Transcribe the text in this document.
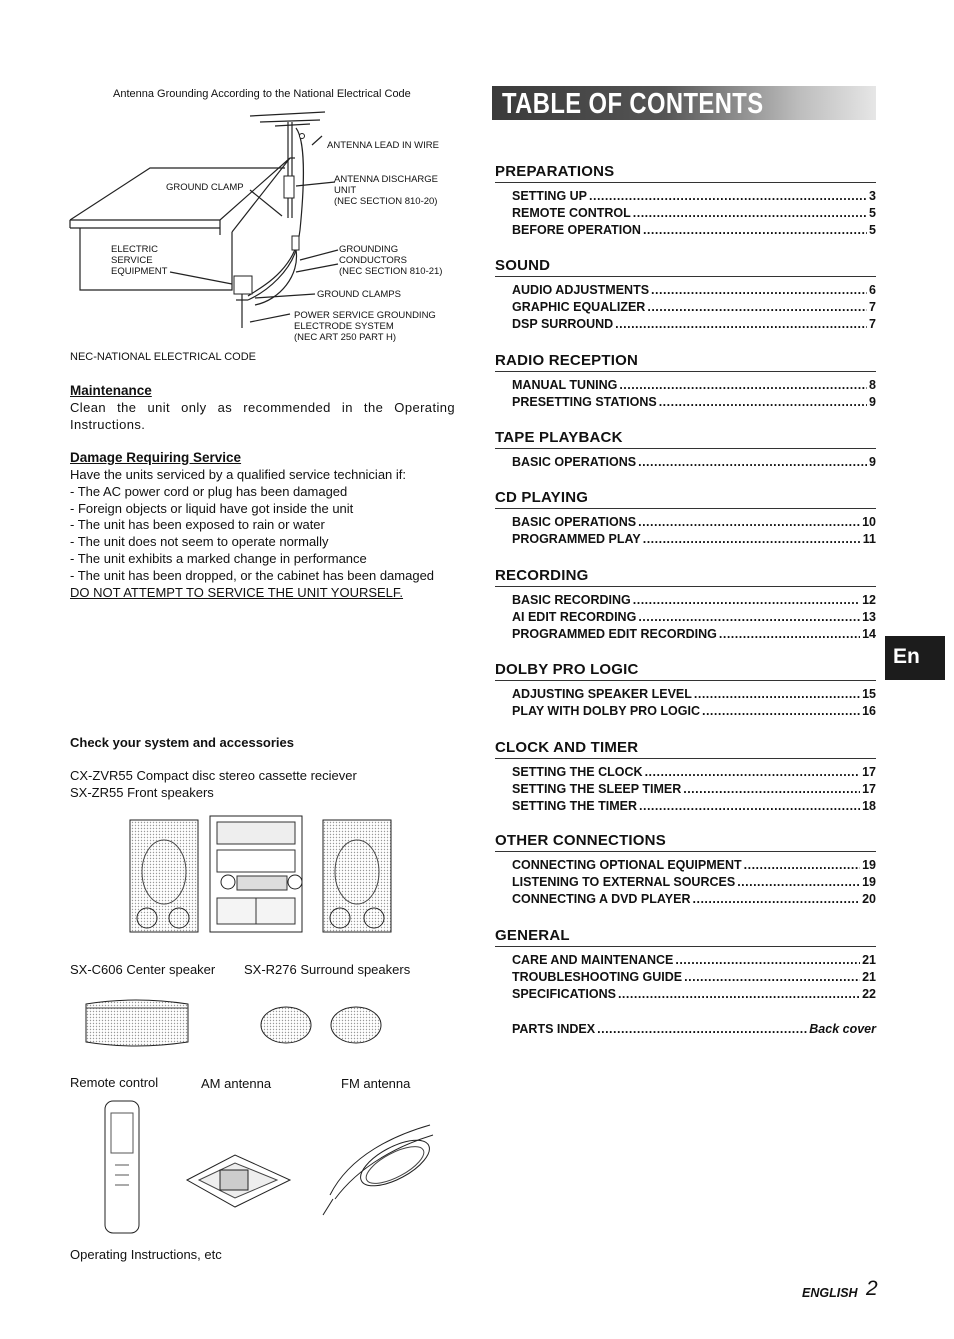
Antenna Grounding According to the National Electrical Code
ANTENNA LEAD IN WIRE
GROUND CLAMP
ANTENNA DISCHARGE
UNIT
(NEC SECTION 810-20)
ELECTRIC
SERVICE
EQUIPMENT
GROUNDING
CONDUCTORS
(NEC SECTION 810-21)
GROUND CLAMPS
POWER SERVICE GROUNDING
ELECTRODE SYSTEM
(NEC ART 250 PART H)
NEC-NATIONAL ELECTRICAL CODE
Maintenance
Clean the unit only as recommended in the Operating Instructions.
Damage Requiring Service
Have the units serviced by a qualified service technician if:
- The AC power cord or plug has been damaged
- Foreign objects or liquid have got inside the unit
- The unit has been exposed to rain or water
- The unit does not seem to operate normally
- The unit exhibits a marked change in performance
- The unit has been dropped, or the cabinet has been damaged
DO NOT ATTEMPT TO SERVICE THE UNIT YOURSELF.
Check your system and accessories
CX-ZVR55 Compact disc stereo cassette reciever
SX-ZR55 Front speakers
SX-C606 Center speaker SX-R276 Surround speakers
Remote control	AM antenna	FM antenna
Operating Instructions, etc
TABLE OF CONTENTS
PREPARATIONS
SETTING UP .....	3
REMOTE CONTROL .....	5
BEFORE OPERATION .....	5
SOUND
AUDIO ADJUSTMENTS .....	6
GRAPHIC EQUALIZER .....	7
DSP SURROUND .....	7
RADIO RECEPTION
MANUAL TUNING .....	8
PRESETTING STATIONS .....	9
TAPE PLAYBACK
BASIC OPERATIONS .....	9
CD PLAYING
BASIC OPERATIONS .....	10
PROGRAMMED PLAY .....	11
RECORDING
BASIC RECORDING .....	12
AI EDIT RECORDING .....	13
PROGRAMMED EDIT RECORDING .....	14
DOLBY PRO LOGIC
ADJUSTING SPEAKER LEVEL .....	15
PLAY WITH DOLBY PRO LOGIC .....	16
CLOCK AND TIMER
SETTING THE CLOCK .....	17
SETTING THE SLEEP TIMER .....	17
SETTING THE TIMER .....	18
OTHER CONNECTIONS
CONNECTING OPTIONAL EQUIPMENT .....	19
LISTENING TO EXTERNAL SOURCES .....	19
CONNECTING A DVD PLAYER .....	20
GENERAL
CARE AND MAINTENANCE .....	21
TROUBLESHOOTING GUIDE .....	21
SPECIFICATIONS .....	22
PARTS INDEX .....	Back cover
En
ENGLISH 2
